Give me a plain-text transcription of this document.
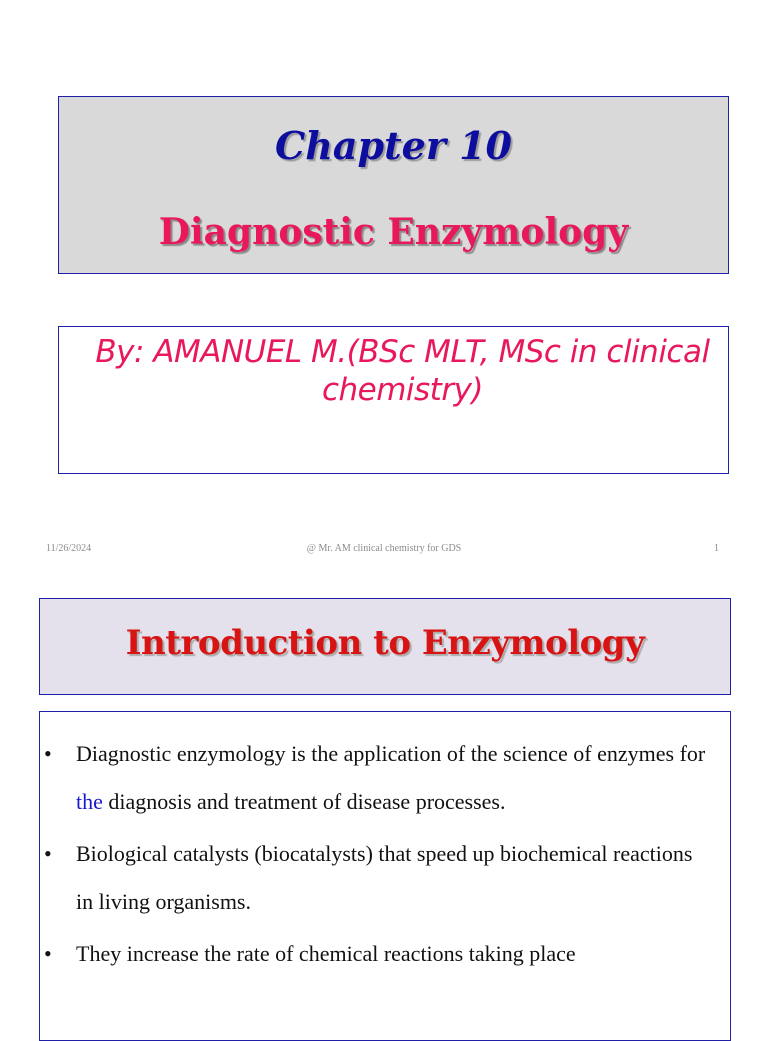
Chapter 10
Diagnostic Enzymology
By: AMANUEL M.(BSc MLT, MSc in clinical chemistry)
11/26/2024	@ Mr. AM clinical chemistry for GDS	1
Introduction to Enzymology
• Diagnostic enzymology is the application of the science of enzymes for the diagnosis and treatment of disease processes.
• Biological catalysts (biocatalysts) that speed up biochemical reactions in living organisms.
• They increase the rate of chemical reactions taking place
